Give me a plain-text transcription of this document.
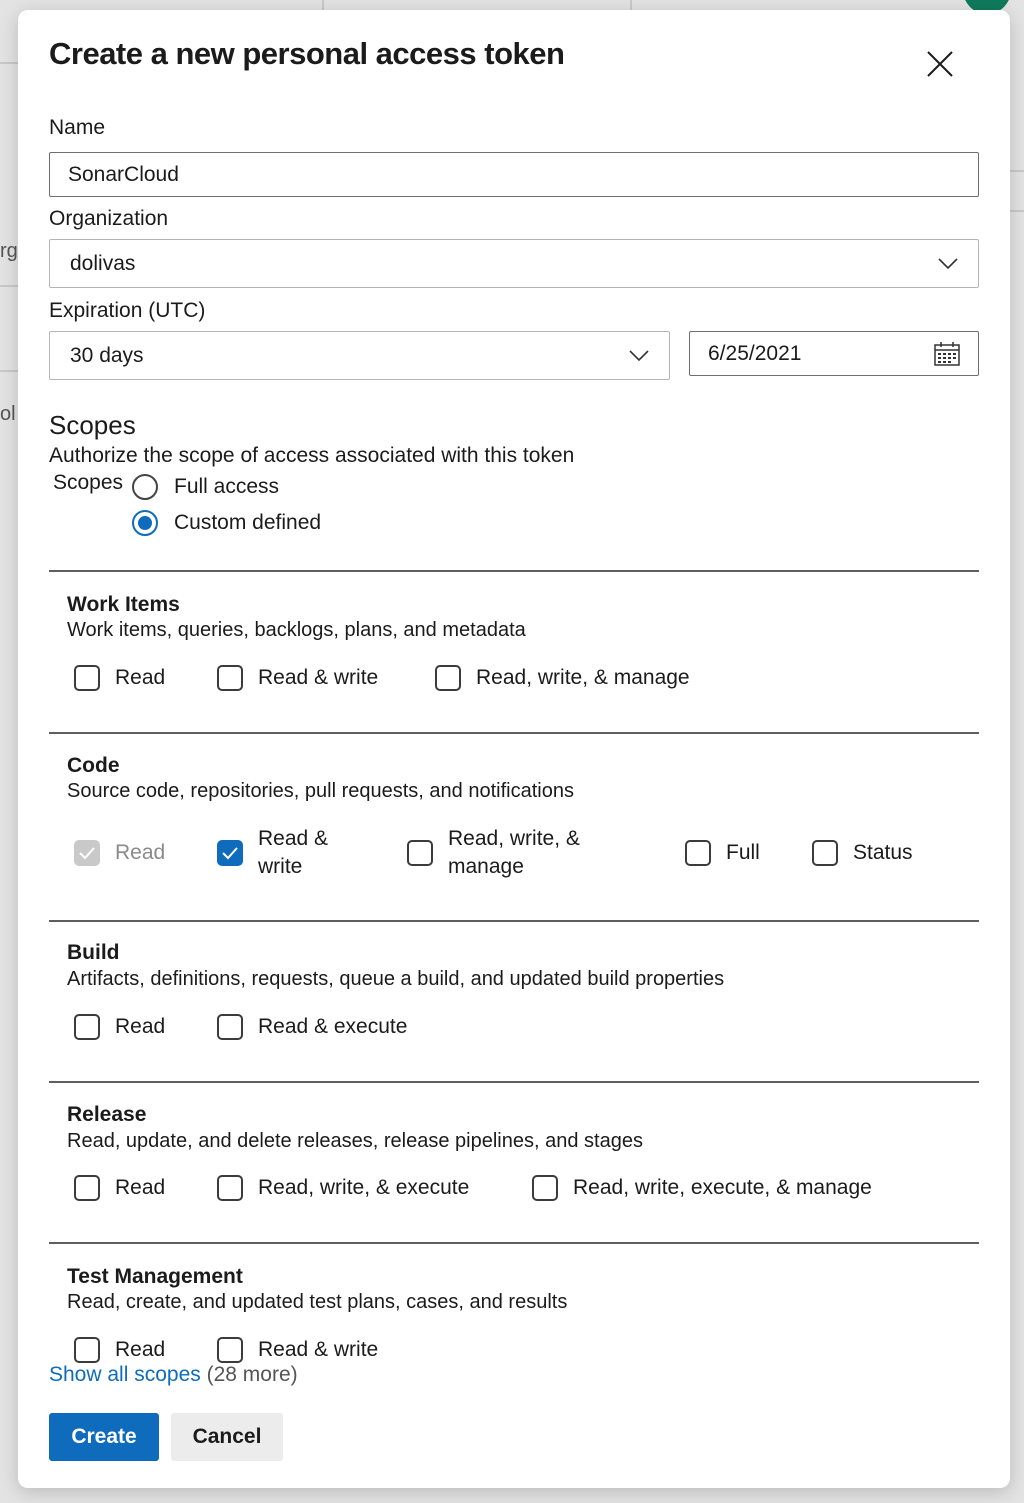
rg
ol
Create a new personal access token
Name
SonarCloud
Organization
dolivas
Expiration (UTC)
30 days	6/25/2021
Scopes
Authorize the scope of access associated with this token
Scopes Full access
Custom defined
Work Items
Work items, queries, backlogs, plans, and metadata
Read	Read & write	Read, write, & manage
Code
Source code, repositories, pull requests, and notifications
Read
Read & write
Read, write, & manage
Full	Status
Build
Artifacts, definitions, requests, queue a build, and updated build properties
Read	Read & execute
Release
Read, update, and delete releases, release pipelines, and stages
Read	Read, write, & execute	Read, write, execute, & manage
Test Management
Read, create, and updated test plans, cases, and results
Read	Read & write
Show all scopes (28 more)
Create	Cancel
